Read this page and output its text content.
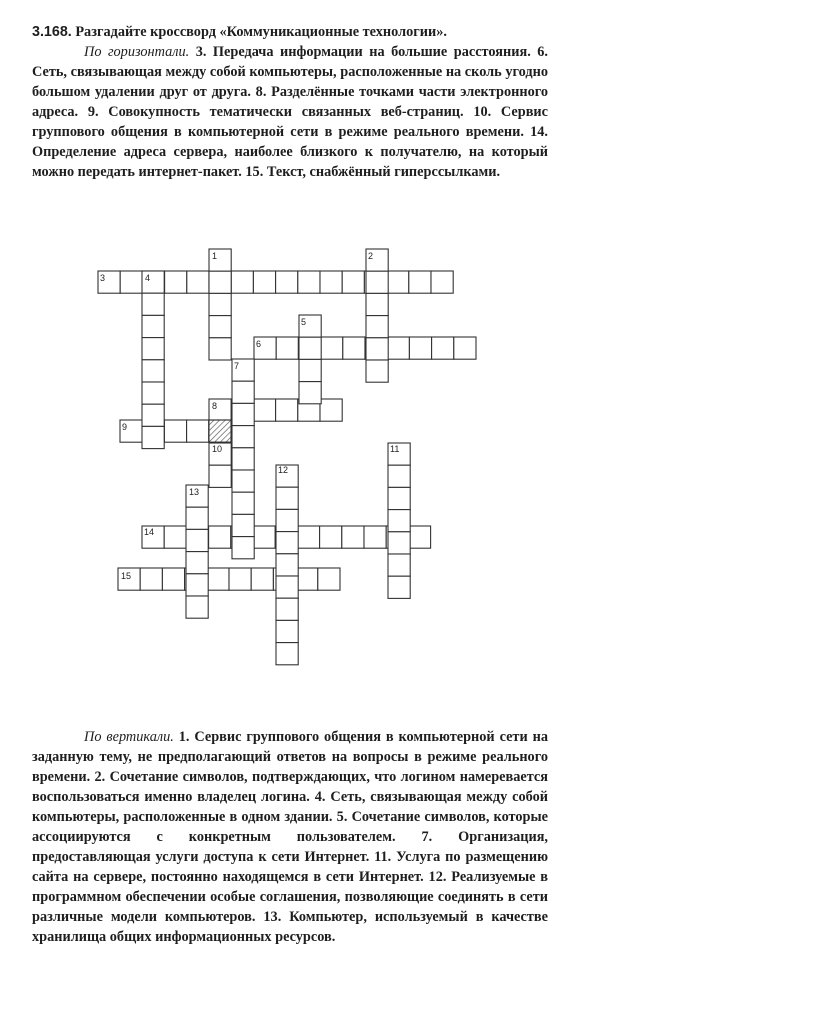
3.168. Разгадайте кроссворд «Коммуникационные технологии».

По горизонтали. 3. Передача информации на большие расстояния. 6. Сеть, связывающая между собой компьютеры, расположенные на сколь угодно большом удалении друг от друга. 8. Разделённые точками части электронного адреса. 9. Совокупность тематически связанных веб-страниц. 10. Сервис группового общения в компьютерной сети в режиме реального времени. 14. Определение адреса сервера, наиболее близкого к получателю, на который можно передать интернет-пакет. 15. Текст, снабжённый гиперссылками.

1	2
3	4
5
6
7
8
9
10	11
12
13
14
15

По вертикали. 1. Сервис группового общения в компьютерной сети на заданную тему, не предполагающий ответов на вопросы в режиме реального времени. 2. Сочетание символов, подтверждающих, что логином намеревается воспользоваться именно владелец логина. 4. Сеть, связывающая между собой компьютеры, расположенные в одном здании. 5. Сочетание символов, которые ассоциируются с конкретным пользователем. 7. Организация, предоставляющая услуги доступа к сети Интернет. 11. Услуга по размещению сайта на сервере, постоянно находящемся в сети Интернет. 12. Реализуемые в программном обеспечении особые соглашения, позволяющие соединять в сети различные модели компьютеров. 13. Компьютер, используемый в качестве хранилища общих информационных ресурсов.
